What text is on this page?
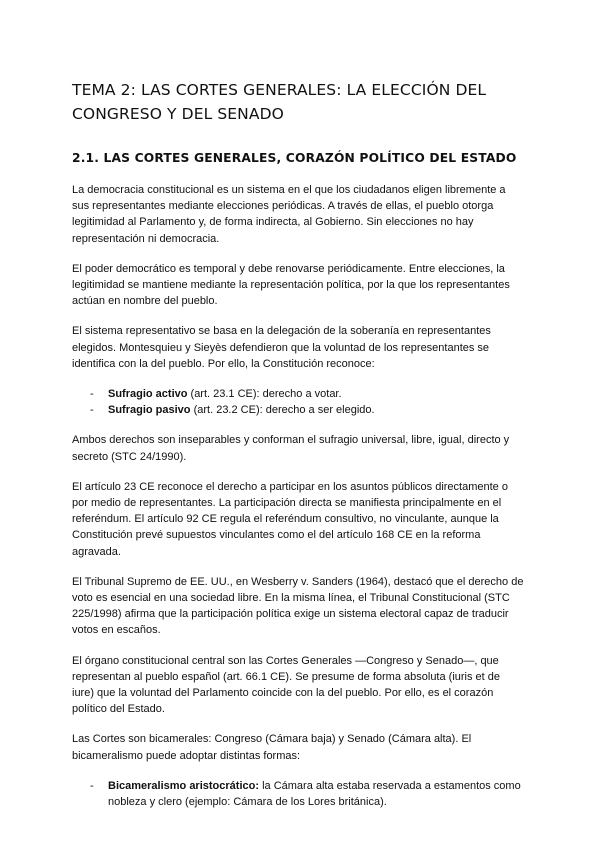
TEMA 2: LAS CORTES GENERALES: LA ELECCIÓN DEL CONGRESO Y DEL SENADO
2.1. LAS CORTES GENERALES, CORAZÓN POLÍTICO DEL ESTADO

La democracia constitucional es un sistema en el que los ciudadanos eligen libremente a sus representantes mediante elecciones periódicas. A través de ellas, el pueblo otorga legitimidad al Parlamento y, de forma indirecta, al Gobierno. Sin elecciones no hay representación ni democracia.

El poder democrático es temporal y debe renovarse periódicamente. Entre elecciones, la legitimidad se mantiene mediante la representación política, por la que los representantes actúan en nombre del pueblo.

El sistema representativo se basa en la delegación de la soberanía en representantes elegidos. Montesquieu y Sieyès defendieron que la voluntad de los representantes se identifica con la del pueblo. Por ello, la Constitución reconoce:

- Sufragio activo (art. 23.1 CE): derecho a votar.
- Sufragio pasivo (art. 23.2 CE): derecho a ser elegido.

Ambos derechos son inseparables y conforman el sufragio universal, libre, igual, directo y secreto (STC 24/1990).

El artículo 23 CE reconoce el derecho a participar en los asuntos públicos directamente o por medio de representantes. La participación directa se manifiesta principalmente en el referéndum. El artículo 92 CE regula el referéndum consultivo, no vinculante, aunque la Constitución prevé supuestos vinculantes como el del artículo 168 CE en la reforma agravada.

El Tribunal Supremo de EE. UU., en Wesberry v. Sanders (1964), destacó que el derecho de voto es esencial en una sociedad libre. En la misma línea, el Tribunal Constitucional (STC 225/1998) afirma que la participación política exige un sistema electoral capaz de traducir votos en escaños.

El órgano constitucional central son las Cortes Generales —Congreso y Senado—, que representan al pueblo español (art. 66.1 CE). Se presume de forma absoluta (iuris et de iure) que la voluntad del Parlamento coincide con la del pueblo. Por ello, es el corazón político del Estado.

Las Cortes son bicamerales: Congreso (Cámara baja) y Senado (Cámara alta). El bicameralismo puede adoptar distintas formas:

- Bicameralismo aristocrático: la Cámara alta estaba reservada a estamentos como nobleza y clero (ejemplo: Cámara de los Lores británica).
